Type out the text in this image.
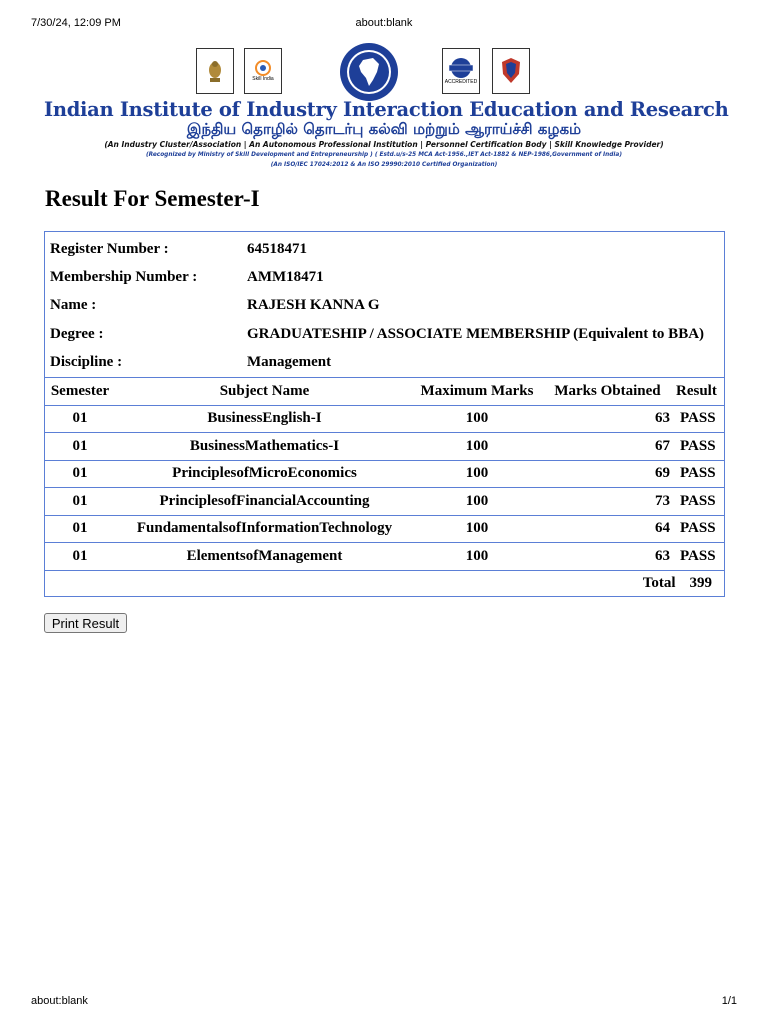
7/30/24, 12:09 PM	about:blank
Skill India	ACCREDITED
Indian Institute of Industry Interaction Education and Research
இந்திய தொழில் தொடர்பு கல்வி மற்றும் ஆராய்ச்சி கழகம்
(An Industry Cluster/Association | An Autonomous Professional Institution | Personnel Certification Body | Skill Knowledge Provider)
(Recognized by Ministry of Skill Development and Entrepreneurship ) ( Estd.u/s-25 MCA Act-1956.,IET Act-1882 & NEP-1986,Government of India)
(An ISO/IEC 17024:2012 & An ISO 29990:2010 Certified Organization)
Result For Semester-I
Register Number :	64518471
Membership Number :	AMM18471
Name :	RAJESH KANNA G
Degree :	GRADUATESHIP / ASSOCIATE MEMBERSHIP (Equivalent to BBA)
Discipline :	Management
Semester	Subject Name	Maximum Marks	Marks Obtained	Result
01	BusinessEnglish-I	100	63	PASS
01	BusinessMathematics-I	100	67	PASS
01	PrinciplesofMicroEconomics	100	69	PASS
01	PrinciplesofFinancialAccounting	100	73	PASS
01	FundamentalsofInformationTechnology	100	64	PASS
01	ElementsofManagement	100	63	PASS
Total 399				
Print Result
about:blank	1/1
